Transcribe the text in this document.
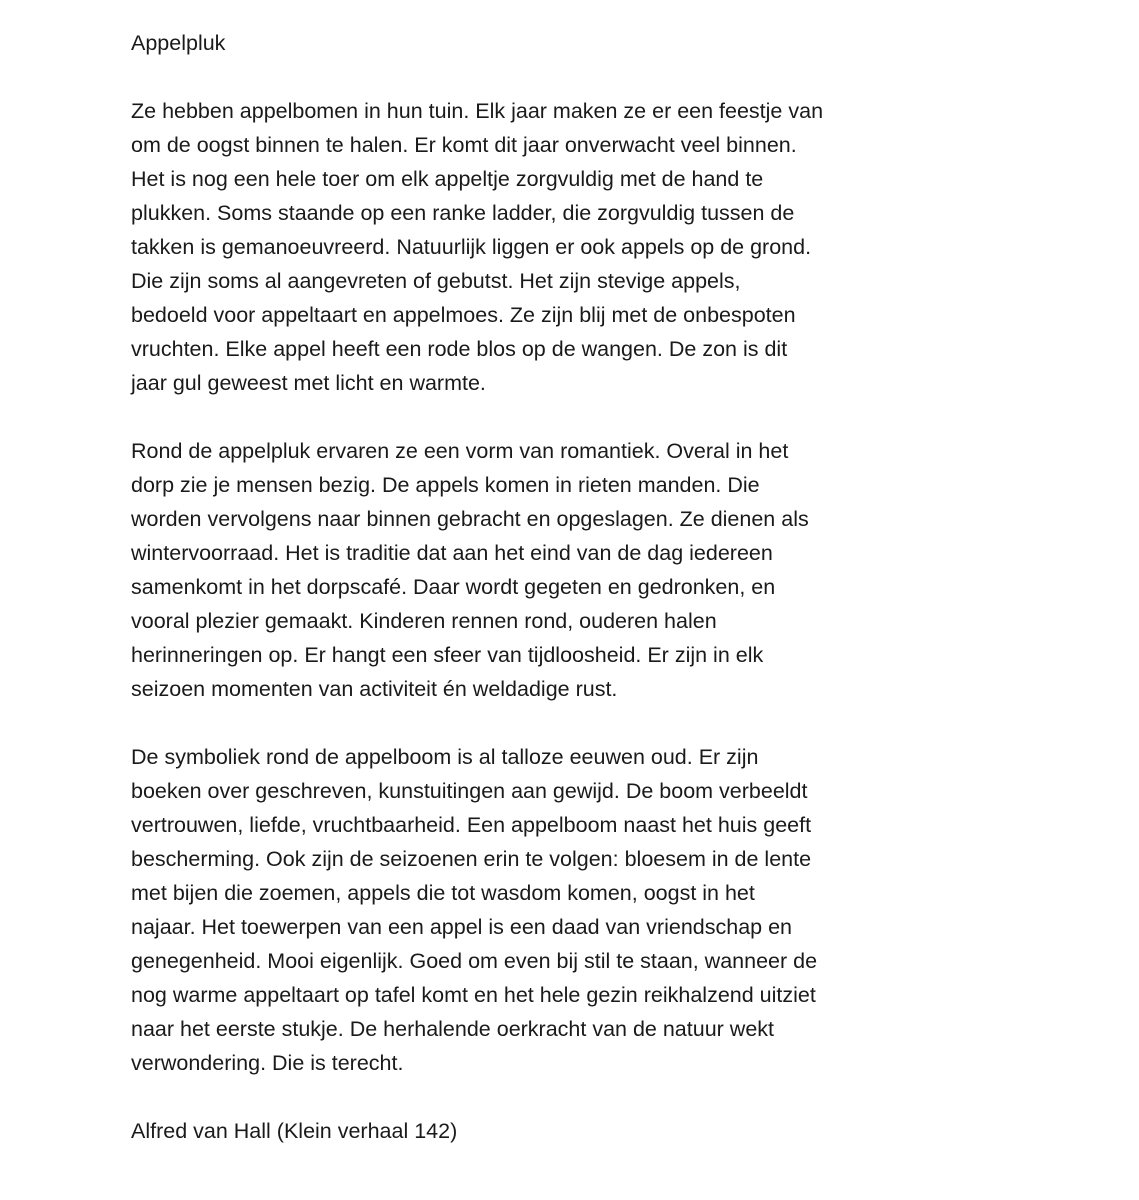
Appelpluk
Ze hebben appelbomen in hun tuin. Elk jaar maken ze er een feestje van
om de oogst binnen te halen. Er komt dit jaar onverwacht veel binnen.
Het is nog een hele toer om elk appeltje zorgvuldig met de hand te
plukken. Soms staande op een ranke ladder, die zorgvuldig tussen de
takken is gemanoeuvreerd. Natuurlijk liggen er ook appels op de grond.
Die zijn soms al aangevreten of gebutst. Het zijn stevige appels,
bedoeld voor appeltaart en appelmoes. Ze zijn blij met de onbespoten
vruchten. Elke appel heeft een rode blos op de wangen. De zon is dit
jaar gul geweest met licht en warmte.
Rond de appelpluk ervaren ze een vorm van romantiek. Overal in het
dorp zie je mensen bezig. De appels komen in rieten manden. Die
worden vervolgens naar binnen gebracht en opgeslagen. Ze dienen als
wintervoorraad. Het is traditie dat aan het eind van de dag iedereen
samenkomt in het dorpscafé. Daar wordt gegeten en gedronken, en
vooral plezier gemaakt. Kinderen rennen rond, ouderen halen
herinneringen op. Er hangt een sfeer van tijdloosheid. Er zijn in elk
seizoen momenten van activiteit én weldadige rust.
De symboliek rond de appelboom is al talloze eeuwen oud. Er zijn
boeken over geschreven, kunstuitingen aan gewijd. De boom verbeeldt
vertrouwen, liefde, vruchtbaarheid. Een appelboom naast het huis geeft
bescherming. Ook zijn de seizoenen erin te volgen: bloesem in de lente
met bijen die zoemen, appels die tot wasdom komen, oogst in het
najaar. Het toewerpen van een appel is een daad van vriendschap en
genegenheid. Mooi eigenlijk. Goed om even bij stil te staan, wanneer de
nog warme appeltaart op tafel komt en het hele gezin reikhalzend uitziet
naar het eerste stukje. De herhalende oerkracht van de natuur wekt
verwondering. Die is terecht.
Alfred van Hall (Klein verhaal 142)
